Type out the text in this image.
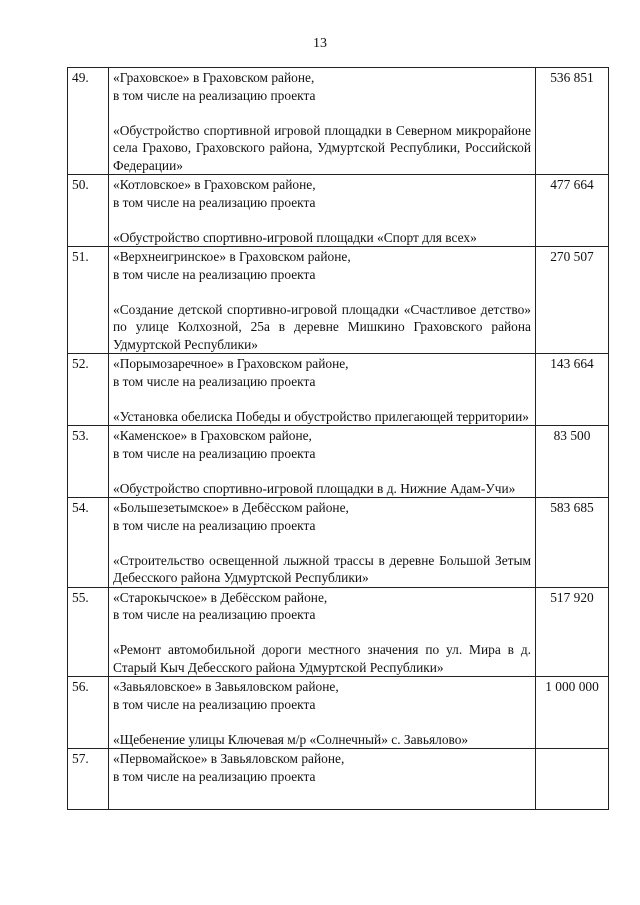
13
49.	«Граховское» в Граховском районе,
в том числе на реализацию проекта
«Обустройство спортивной игровой площадки в Северном микрорайоне села Грахово, Граховского района, Удмуртской Республики, Российской Федерации»	536 851
50.	«Котловское» в Граховском районе,
в том числе на реализацию проекта
«Обустройство спортивно-игровой площадки «Спорт для всех»	477 664
51.	«Верхнеигринское» в Граховском районе,
в том числе на реализацию проекта
«Создание детской спортивно-игровой площадки «Счастливое детство» по улице Колхозной, 25а в деревне Мишкино Граховского района Удмуртской Республики»	270 507
52.	«Порымозаречное» в Граховском районе,
в том числе на реализацию проекта
«Установка обелиска Победы и обустройство прилегающей территории»	143 664
53.	«Каменское» в Граховском районе,
в том числе на реализацию проекта
«Обустройство спортивно-игровой площадки в д. Нижние Адам-Учи»	83 500
54.	«Большезетымское» в Дебёсском районе,
в том числе на реализацию проекта
«Строительство освещенной лыжной трассы в деревне Большой Зетым Дебесского района Удмуртской Республики»	583 685
55.	«Старокычское» в Дебёсском районе,
в том числе на реализацию проекта
«Ремонт автомобильной дороги местного значения по ул. Мира в д. Старый Кыч Дебесского района Удмуртской Республики»	517 920
56.	«Завьяловское» в Завьяловском районе,
в том числе на реализацию проекта
«Щебенение улицы Ключевая м/р «Солнечный» с. Завьялово»	1 000 000
57.	«Первомайское» в Завьяловском районе,
в том числе на реализацию проекта	
